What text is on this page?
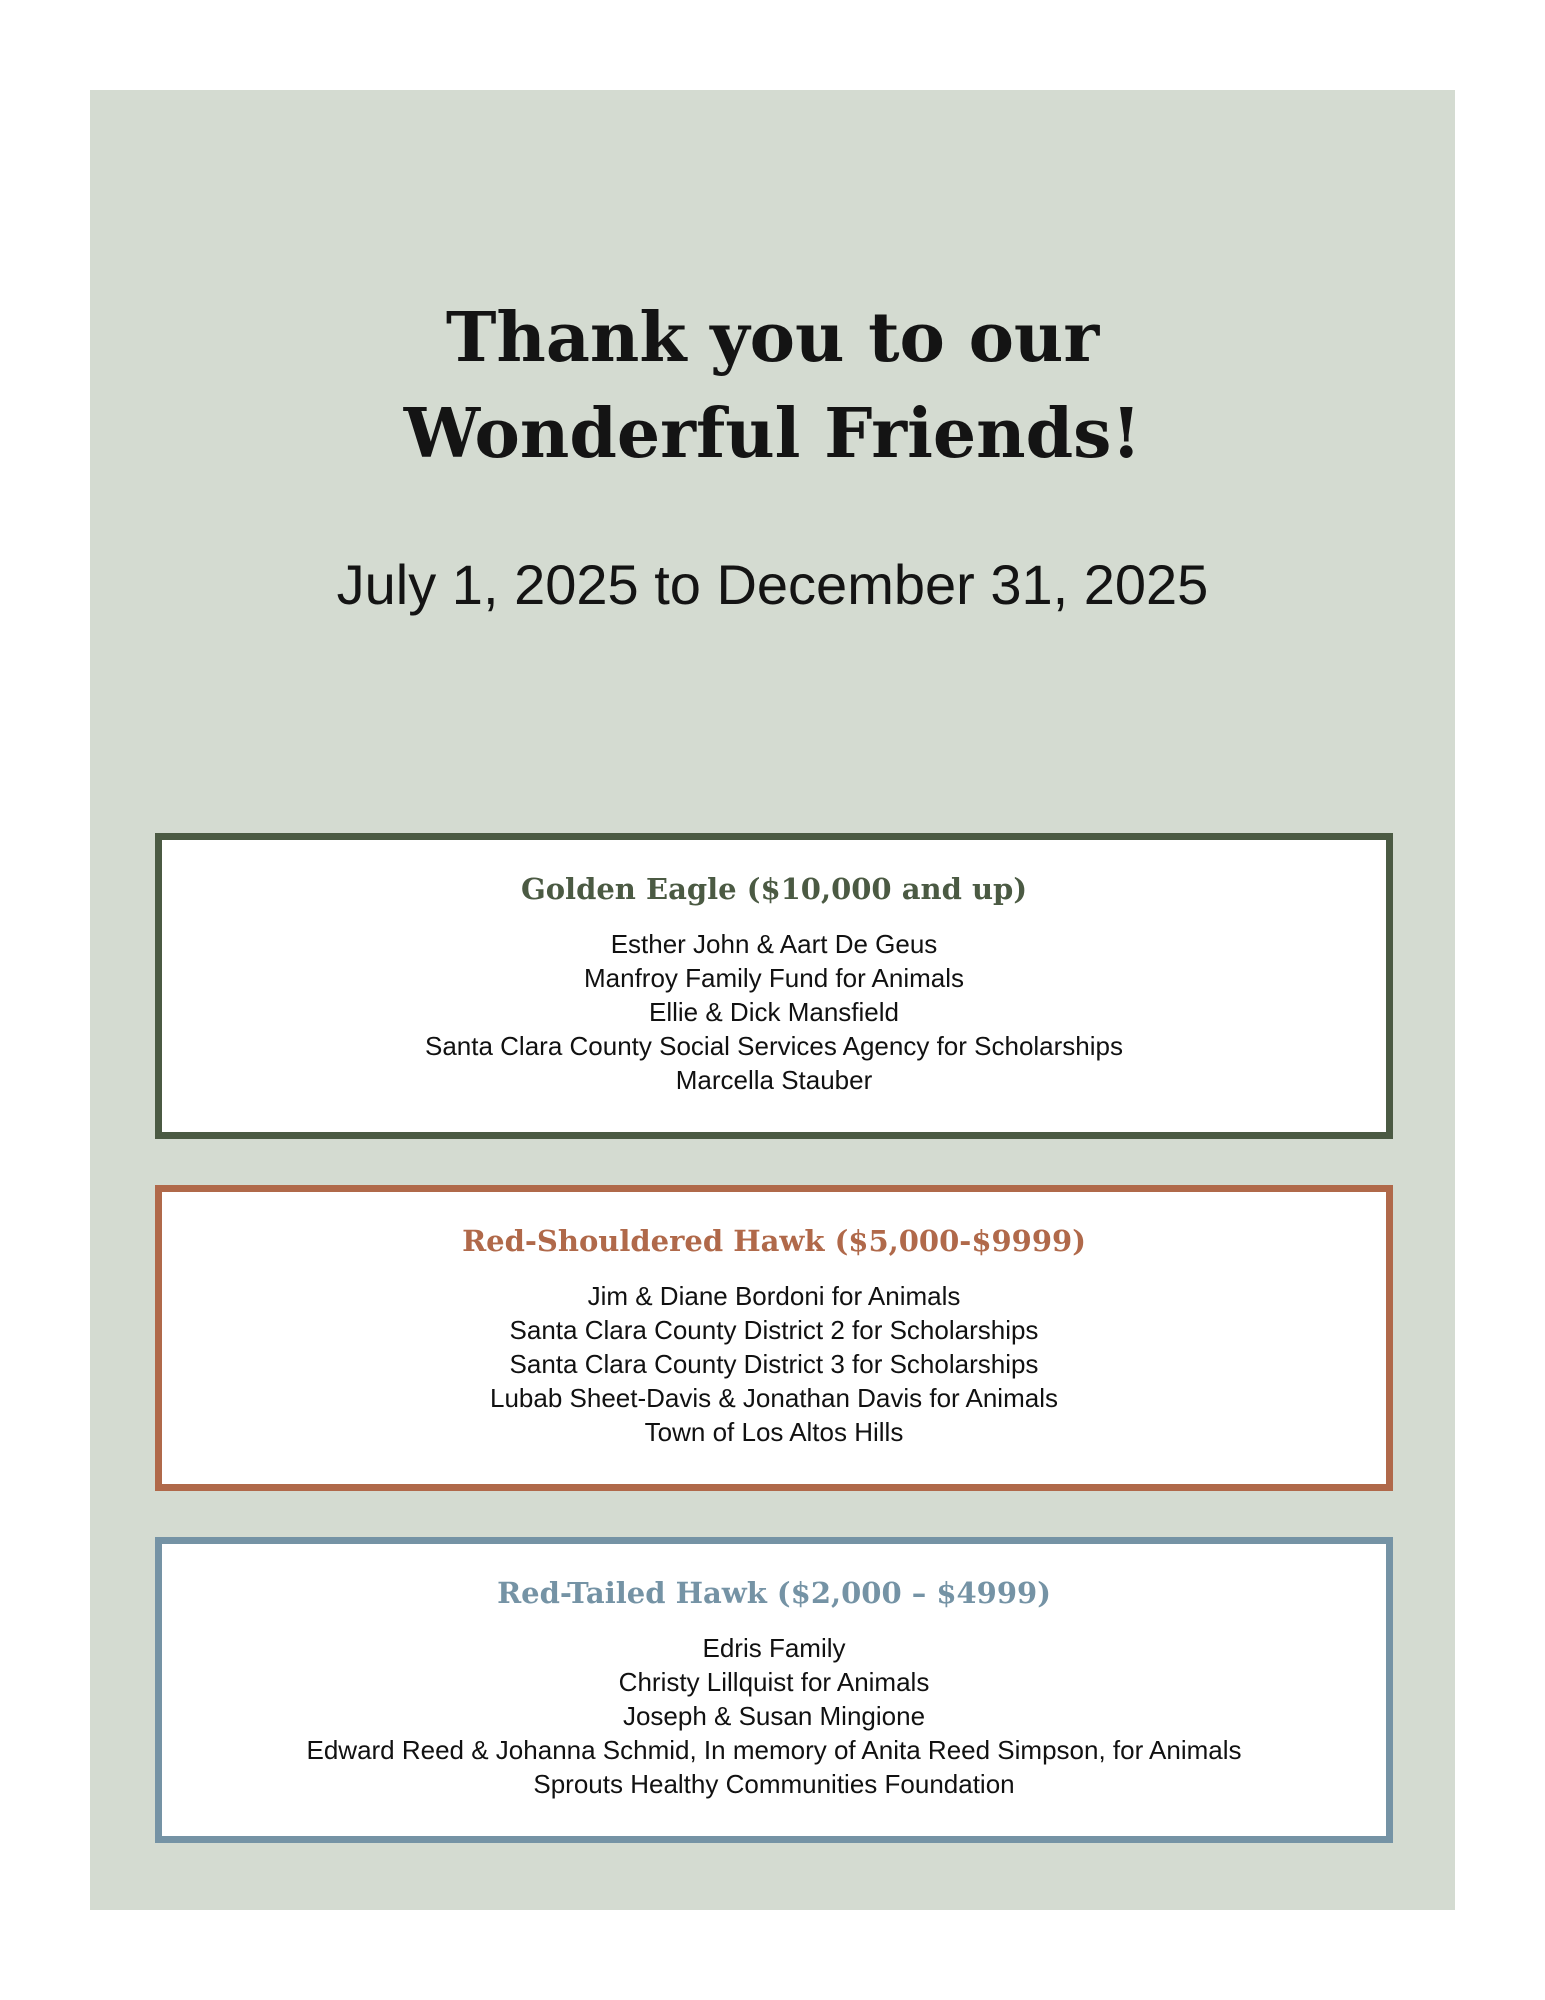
Thank you to our
Wonderful Friends!

July 1, 2025 to December 31, 2025

Golden Eagle ($10,000 and up)
Esther John & Aart De Geus
Manfroy Family Fund for Animals
Ellie & Dick Mansfield
Santa Clara County Social Services Agency for Scholarships
Marcella Stauber
Red-Shouldered Hawk ($5,000-$9999)
Jim & Diane Bordoni for Animals
Santa Clara County District 2 for Scholarships
Santa Clara County District 3 for Scholarships
Lubab Sheet-Davis & Jonathan Davis for Animals
Town of Los Altos Hills
Red-Tailed Hawk ($2,000 – $4999)
Edris Family
Christy Lillquist for Animals
Joseph & Susan Mingione
Edward Reed & Johanna Schmid, In memory of Anita Reed Simpson, for Animals
Sprouts Healthy Communities Foundation
